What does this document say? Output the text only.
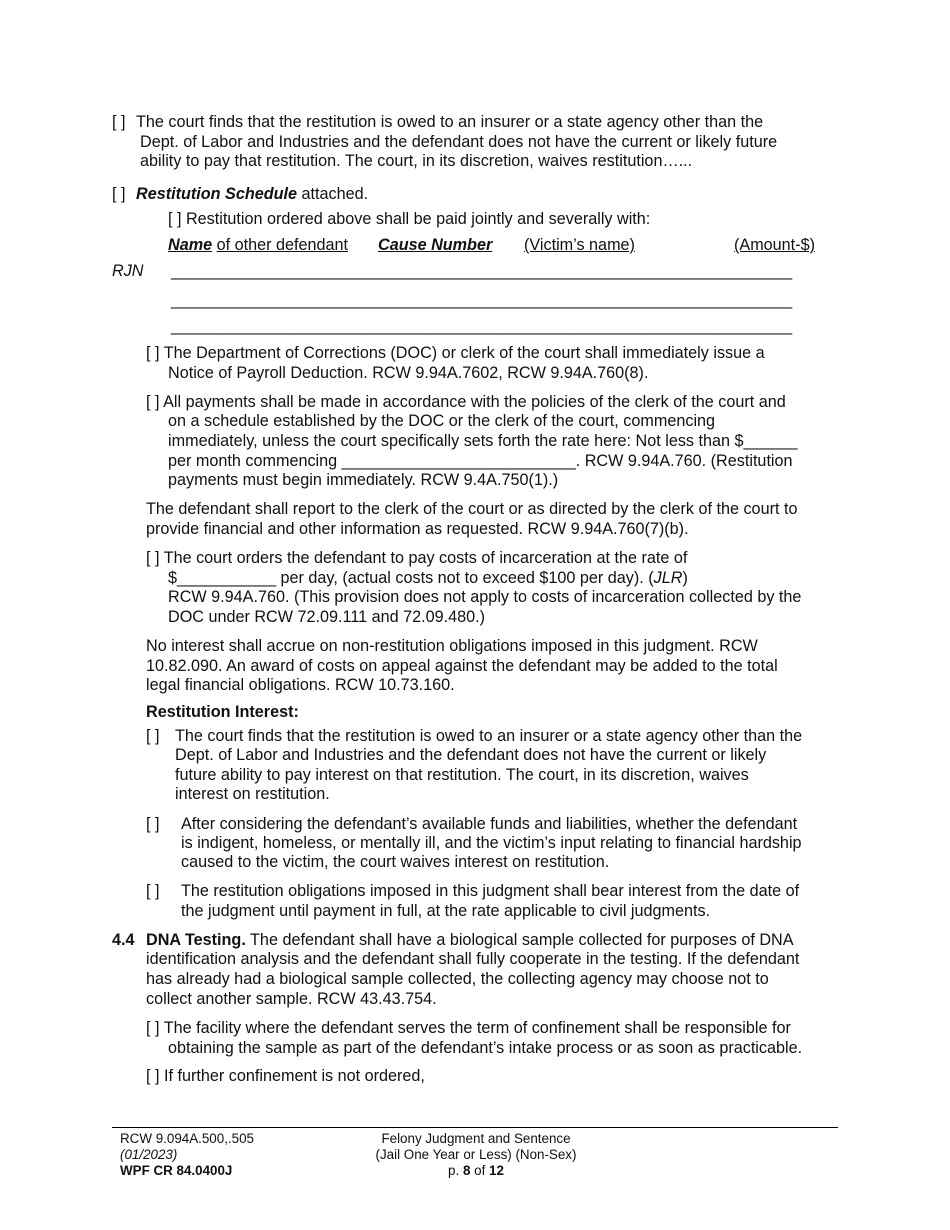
[ ] The court finds that the restitution is owed to an insurer or a state agency other than the
Dept. of Labor and Industries and the defendant does not have the current or likely future
ability to pay that restitution. The court, in its discretion, waives restitution…...
[ ] Restitution Schedule attached.
[ ] Restitution ordered above shall be paid jointly and severally with:
Name of other defendant Cause Number (Victim’s name)	(Amount-$)
RJN _____________________________________________________________________
_____________________________________________________________________
_____________________________________________________________________
[ ] The Department of Corrections (DOC) or clerk of the court shall immediately issue a
Notice of Payroll Deduction. RCW 9.94A.7602, RCW 9.94A.760(8).
[ ] All payments shall be made in accordance with the policies of the clerk of the court and
on a schedule established by the DOC or the clerk of the court, commencing
immediately, unless the court specifically sets forth the rate here: Not less than $______
per month commencing __________________________. RCW 9.94A.760. (Restitution
payments must begin immediately. RCW 9.4A.750(1).)
The defendant shall report to the clerk of the court or as directed by the clerk of the court to
provide financial and other information as requested. RCW 9.94A.760(7)(b).
[ ] The court orders the defendant to pay costs of incarceration at the rate of
$___________ per day, (actual costs not to exceed $100 per day). (JLR)
RCW 9.94A.760. (This provision does not apply to costs of incarceration collected by the
DOC under RCW 72.09.111 and 72.09.480.)
No interest shall accrue on non-restitution obligations imposed in this judgment. RCW
10.82.090. An award of costs on appeal against the defendant may be added to the total
legal financial obligations. RCW 10.73.160.
Restitution Interest:
[ ] The court finds that the restitution is owed to an insurer or a state agency other than the
Dept. of Labor and Industries and the defendant does not have the current or likely
future ability to pay interest on that restitution. The court, in its discretion, waives
interest on restitution.
[ ] After considering the defendant’s available funds and liabilities, whether the defendant
is indigent, homeless, or mentally ill, and the victim’s input relating to financial hardship
caused to the victim, the court waives interest on restitution.
[ ] The restitution obligations imposed in this judgment shall bear interest from the date of
the judgment until payment in full, at the rate applicable to civil judgments.
4.4 DNA Testing. The defendant shall have a biological sample collected for purposes of DNA
identification analysis and the defendant shall fully cooperate in the testing. If the defendant
has already had a biological sample collected, the collecting agency may choose not to
collect another sample. RCW 43.43.754.
[ ] The facility where the defendant serves the term of confinement shall be responsible for
obtaining the sample as part of the defendant’s intake process or as soon as practicable.
[ ] If further confinement is not ordered,
RCW 9.094A.500,.505
(01/2023)
WPF CR 84.0400J
Felony Judgment and Sentence
(Jail One Year or Less) (Non-Sex)
p. 8 of 12
